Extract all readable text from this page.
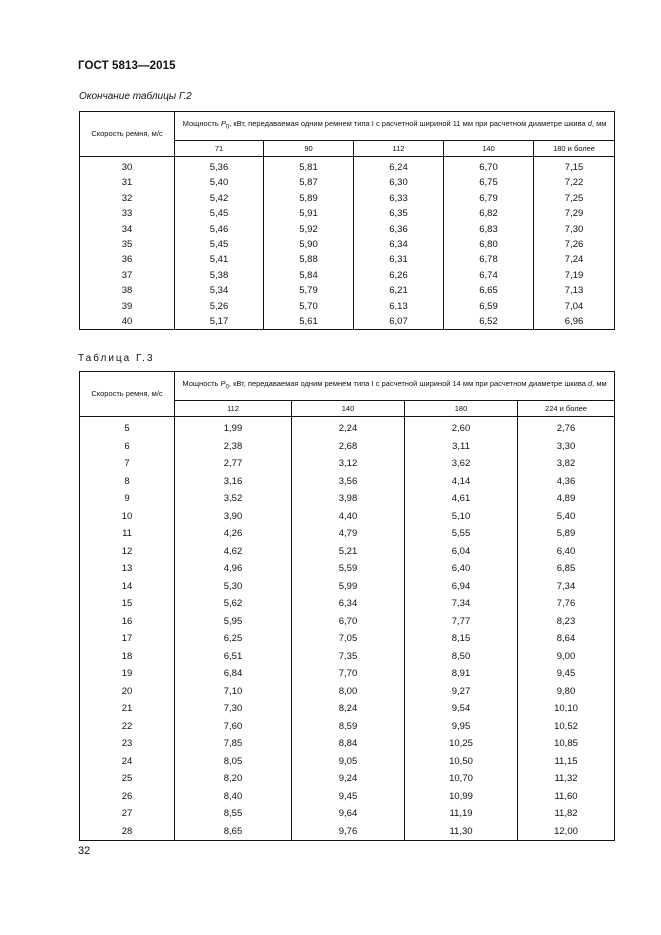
ГОСТ 5813—2015
Окончание таблицы Г.2
Скорость ремня, м/с	Мощность $P_0$, кВт, передаваемая одним ремнем типа I с расчетной шириной 11 мм при расчетном диаметре шкива d, мм				
	71	90	112	140	180 и более
30	5,36	5,81	6,24	6,70	7,15
31	5,40	5,87	6,30	6,75	7,22
32	5,42	5,89	6,33	6,79	7,25
33	5,45	5,91	6,35	6,82	7,29
34	5,46	5,92	6,36	6,83	7,30
35	5,45	5,90	6,34	6,80	7,26
36	5,41	5,88	6,31	6,78	7,24
37	5,38	5,84	6,26	6,74	7,19
38	5,34	5,79	6,21	6,65	7,13
39	5,26	5,70	6,13	6,59	7,04
40	5,17	5,61	6,07	6,52	6,96
Таблица Г.3
Скорость ремня, м/с	Мощность $P_0$, кВт, передаваемая одним ремнем типа I с расчетной шириной 14 мм при расчетном диаметре шкива d, мм			
	112	140	180	224 и более
5	1,99	2,24	2,60	2,76
6	2,38	2,68	3,11	3,30
7	2,77	3,12	3,62	3,82
8	3,16	3,56	4,14	4,36
9	3,52	3,98	4,61	4,89
10	3,90	4,40	5,10	5,40
11	4,26	4,79	5,55	5,89
12	4,62	5,21	6,04	6,40
13	4,96	5,59	6,40	6,85
14	5,30	5,99	6,94	7,34
15	5,62	6,34	7,34	7,76
16	5,95	6,70	7,77	8,23
17	6,25	7,05	8,15	8,64
18	6,51	7,35	8,50	9,00
19	6,84	7,70	8,91	9,45
20	7,10	8,00	9,27	9,80
21	7,30	8,24	9,54	10,10
22	7,60	8,59	9,95	10,52
23	7,85	8,84	10,25	10,85
24	8,05	9,05	10,50	11,15
25	8,20	9,24	10,70	11,32
26	8,40	9,45	10,99	11,60
27	8,55	9,64	11,19	11,82
28	8,65	9,76	11,30	12,00
32
